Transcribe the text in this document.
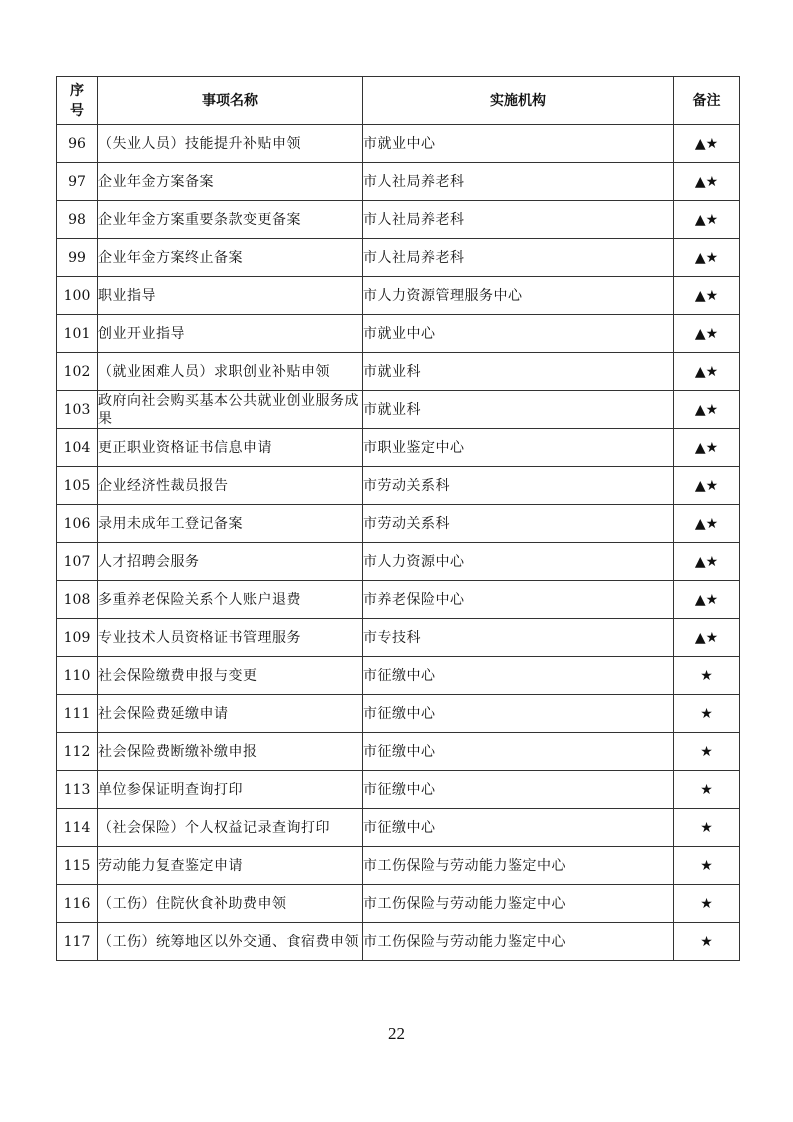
序号	事项名称	实施机构	备注
96	（失业人员）技能提升补贴申领	市就业中心	▲★
97	企业年金方案备案	市人社局养老科	▲★
98	企业年金方案重要条款变更备案	市人社局养老科	▲★
99	企业年金方案终止备案	市人社局养老科	▲★
100	职业指导	市人力资源管理服务中心	▲★
101	创业开业指导	市就业中心	▲★
102	（就业困难人员）求职创业补贴申领	市就业科	▲★
103	政府向社会购买基本公共就业创业服务成果	市就业科	▲★
104	更正职业资格证书信息申请	市职业鉴定中心	▲★
105	企业经济性裁员报告	市劳动关系科	▲★
106	录用未成年工登记备案	市劳动关系科	▲★
107	人才招聘会服务	市人力资源中心	▲★
108	多重养老保险关系个人账户退费	市养老保险中心	▲★
109	专业技术人员资格证书管理服务	市专技科	▲★
110	社会保险缴费申报与变更	市征缴中心	★
111	社会保险费延缴申请	市征缴中心	★
112	社会保险费断缴补缴申报	市征缴中心	★
113	单位参保证明查询打印	市征缴中心	★
114	（社会保险）个人权益记录查询打印	市征缴中心	★
115	劳动能力复查鉴定申请	市工伤保险与劳动能力鉴定中心	★
116	（工伤）住院伙食补助费申领	市工伤保险与劳动能力鉴定中心	★
117	（工伤）统筹地区以外交通、食宿费申领	市工伤保险与劳动能力鉴定中心	★
22
